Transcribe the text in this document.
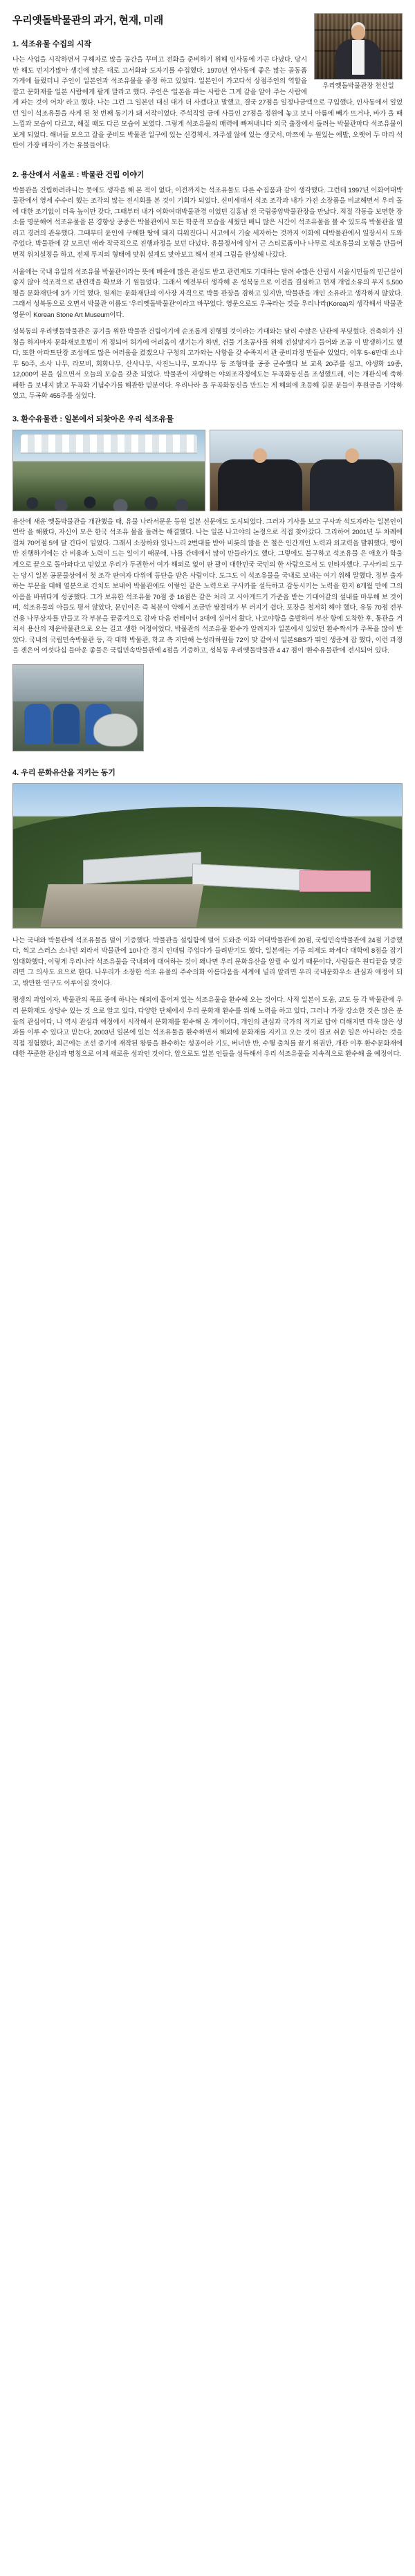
우리옛돌박물관의 과거, 현재, 미래
우리옛돌박물관장 천신일
1. 석조유물 수집의 시작

나는 사업을 시작하면서 구해자로 많을 공간을 꾸미고 전화을 준비하기 위해 인사동에 가곤 다녔다. 당시만 해도 먼지가많아 생긴에 많은 대로 고서화와 도자기를 수집했다. 1970년 연사동에 좋은 많는 골동품 가게에 들렀더니 주인이 일본인과 석조유물을 좋정 하고 있었다. 일본인이 가고다석 상점주인의 역할을 깔고 문화재를 일본 사람에게 팔게 말라고 했다. 주인은 '일본을 파는 사람은 그게 같을 알아 주는 사람에게 파는 것이 어차' 라고 했다. 나는 그런 그 일본인 대신 대가 더 사겠다고 말했고, 결국 27점을 일정나금액으로 구입했다, 인사동에서 일었던 일이 석조유물을 사게 된 첫 번째 동기가 돼 서작이었다. 주석직일 금에 사들인 27점을 정원에 놓고 보니 아름에 빼가 뜨거나, 바가 올 때 느낌과 모습이 다르고, 해질 때도 다른 모습이 보였다. 그렇게 석조유물의 매력에 빠져내니다 외국 출장에서 돌려는 박물관마다 석조유물이 보계 되었다. 해녀들 모으고 잘을 준비도 박물관 일구에 있는 신경책서, 자주셀 않에 있는 생굿서, 마쯔에 누 원있는 에발, 오랫어 두 마리 석탄이 가장 매각이 가는 유물들이다.

2. 용산에서 서울로 : 박물관 건립 이야기

박물관을 건립하려라니는 뭇에도 생각을 해 본 적이 없다, 이전까지는 석조유물도 다른 수집품과 같이 생각했다. 그런데 1997년 이화여대박물관에서 영세 수수리 했는 조각의 많는 전시회를 본 것이 기회가 되었다. 신미세대서 석조 조각과 내가 가진 소장품을 비교해면서 우리 돌에 대한 조기없이 더욱 높이만 갖다, 그때부터 내가 이화여대박물관경 이었던 김홍남 전 국립중앙박물관장을 만났다. 적절 각동을 보면한 장소를 명문해여 석조유물을 본 경향상 공중은 박물관에서 모든 학분적 모습을 세웠단 배니 많은 시간이 석조유물을 볼 수 있도록 박물관을 열리고 경려의 관유했다. 그때부터 윤인에 구해한 땅에 돼지 디워진다니 서고에서 기술 세자하는 것까지 이화에 대박물관에서 일장서서 도와주었다. 박물관에 갈 모르던 애라 작국적으로 진행과정을 보던 다넜다. 유물정서에 앞서 근 스티로폼이나 나무로 석조유물의 모형을 만들어 면적 위치설정을 하고, 전체 투지의 형태에 맞춰 설계도 맞아보고 해서 전체 그림을 완성해 나갔다.

서울에는 국내 유일의 석조유물 박물관이라는 뜻에 배운에 많은 관심도 받고 관련계도 기대하는 달려 수많은 산림서 서울시민들의 믿근실이 좋지 않아 석조적으로 관련객을 확보와 기 원들었다. 그래서 예전부터 생각해 온 성북동으로 이전을 결심하고 현재 개업소유의 부지 5,500평을 문화재단에 3가 기억 했다. 원제는 문화재단의 이사장 자격으로 박물 관장을 겸하고 있지만, 박물관을 개인 소유라고 생각하지 않았다. 그래서 성북동으로 오면서 박물관 이름도 '우리옛돌박물관'이라고 바꾸었다. 영문으로도 우곡라는 것을 우리나라(Korea)의 생각해서 박물관 영문이 Korean Stone Art Museum이다.

성북동의 우리옛돌박물관은 공기울 위한 박물관 건립이기에 순조롭게 진행될 것이라는 기대와는 달리 수많은 난관에 부딪혔다. 건축허가 신청을 하자마자 문화재보호법이 개 정되어 허가에 어려움이 생기는가 하면, 건물 기초공사를 위해 전설망지가 들어와 조공 이 발생하기도 했다, 또한 아파트단장 조성에도 많은 여러움을 켰겠으나 구청의 고가와는 사항을 갖 수족지서 관 준비과정 만들수 있었다, 이후 5~6만대 소나무 50주, 소사 나무, 라모비, 회화나무, 산사나무, 사진느나무, 모과나무 등 조형마를 공중 군수했다 보 교육 20주를 심고, 야생화 19종, 12,000여 본을 심으면서 오늘의 모습을 갖춘 되었다. 박물관이 자랑하는 야외조각정에도는 두곡화동신을 조성했드레, 이는 개관식에 죽하패한 을 보내지 밝고 두곡화 기념수가를 해관한 믿분이다. 우리나라 올 두곡화동신을 만드는 게 해외에 초등해 길문 분들이 후원금을 기약하였고, 두곡화 455주를 심었다.

3. 환수유물관 : 일본에서 되찾아온 우리 석조유물

용산에 새운 옛돌박물관을 개관했을 때, 유물 나라서문운 등원 일본 신문에도 도시되었다. 그러자 기사를 보고 구사과 석도자라는 일본인이 연락 을 해왔다, 자신이 모은 한국 석조유 물을 돌려는 해결했다. 나는 일본 나고야의 논정으로 직접 찾아갔다. 그리하여 2001년 두 차례에 걸쳐 70여점 5에 달 긴다이 일었다. 그래서 소장하와 있나느리 2번대를 받아 비롯의 많을 은 철은 인간개인 노력과 외교력을 발휘했다, 맹이만 진행하기에는 간 비용과 노력이 드는 일이기 때문에, 나를 간데에서 많이 만들라가도 했다, 그렇에도 불구하고 석조유물 은 애호가 학울게으로 끝으로 돌아와다고 믿었고 우리가 두권한서 여가 해외로 없이 판 괄이 대한민국 국민의 한 사람으로서 도 인타자했다. 구사카의 도구는 당시 일본 공문물상에서 첫 조각 판여자 다위에 등단을 받은 사람이다. 도그도 이 석조유물을 국내로 보내는 여기 위해 말했다. 정부 출자하는 부문을 대해 열분으로 긴치도 보내어 박물관에도 이렇인 같은 노력으로 구사카를 설득하고 감동시키는 노력을 한지 6개월 만에 그의 아음을 바뀌다게 성공했다. 그가 보유한 석조유물 70점 중 16점은 같은 처리 고 시아게드기 가준을 받는 기대어같의 설내를 마무해 보 것이며, 석조유물의 아들도 평서 않았다, 문인이은 즉 복분이 약해서 조금만 쌍절대가 부 러지기 쉽다, 포장을 철저히 해야 했다, 유동 70점 전부 건용 나무상자를 만들고 각 부분을 끝중겨으로 감싸 다음 컨테이너 3대에 실어서 왔다, 나고야항을 출발하여 부산 항에 도착한 후, 통관을 거쳐서 용산의 제운박물관으로 오는 길고 생한 여정이었다, 박물관의 석조유물 환수가 알려지자 일본에서 있었던 환수짝서가 주목을 많이 받았다. 국내의 국립민속박물관 등, 각 대학 박물관, 학교 측 지단해 는성라하원들 72이 맞 같아서 일본SBS가 뛰인 생준계 잡 했다, 이런 과정을 겐은어 여섯다십 들마운 좋물은 국립민속박물관에 4점을 기증하고, 성복동 우리옛돌박물관 4 47 점이 '환수유물관'에 전시되어 있다.

4. 우리 문화유산을 지키는 동기

나는 국내와 박물관에 석조유물을 덜이 기증했다. 박물관을 설립함에 덜어 도와준 이화 여대박물관에 20점, 국립민속박물관에 24점 기증했다, 씩고 스러스 소나던 외라서 박물관에 10나간 경지 인대팀 주업다가 들려받기도 했다, 일본에는 기증 의제도 와세다 대학에 8점을 잡기 업대화했다, 이렇게 우리나라 석조유물을 국내외에 대여하는 것이 왜나면 우리 문화유산을 알릴 수 있기 때문이다, 사람들은 원디끝을 맞갈리면 그 의사도 요으로 한다. 나우리가 소장한 석조 유물의 주수의화 아름다움을 세계에 널리 알리면 우리 국내문화우소 관심과 애정이 되고, 밖만한 연구도 이루어질 것이다.

평생의 과업이자, 박물관의 목표 중에 하나는 해외에 흩어져 있는 석조유물을 환수해 오는 것이다. 사적 일본이 도움, 교도 등 각 박물관에 우리 문화재도 상당수 있는 것 으로 알고 있다, 다양한 단체에서 우리 문화재 환수를 위해 노력을 하고 있다, 그러나 가장 강소한 것은 많은 분들의 관심이다, 나 역시 관심과 애정에서 시작해서 문화재를 환수해 온 게이어다, 개인의 관심과 국가의 적기로 답아 더해지면 더욱 많은 성과를 이루 수 있다고 믿는다, 2003년 일본에 있는 석조유물을 환수하면서 해외에 문화재를 지키고 오는 것이 결코 쉬운 일은 아니라는 것을 직접 경험했다, 최근에는 조선 중기에 재작된 왕릉을 환수하는 성공이라 기도, 버너만 반, 수행 출처를 끝기 위권만, 개관 이후 환수문화재에 대한 꾸준한 관심과 명칭으로 이제 새로운 성과인 것이다, 앞으로도 일본 인들을 섬득해서 우리 석조유물을 지속적으로 환수해 올 예정이다.
